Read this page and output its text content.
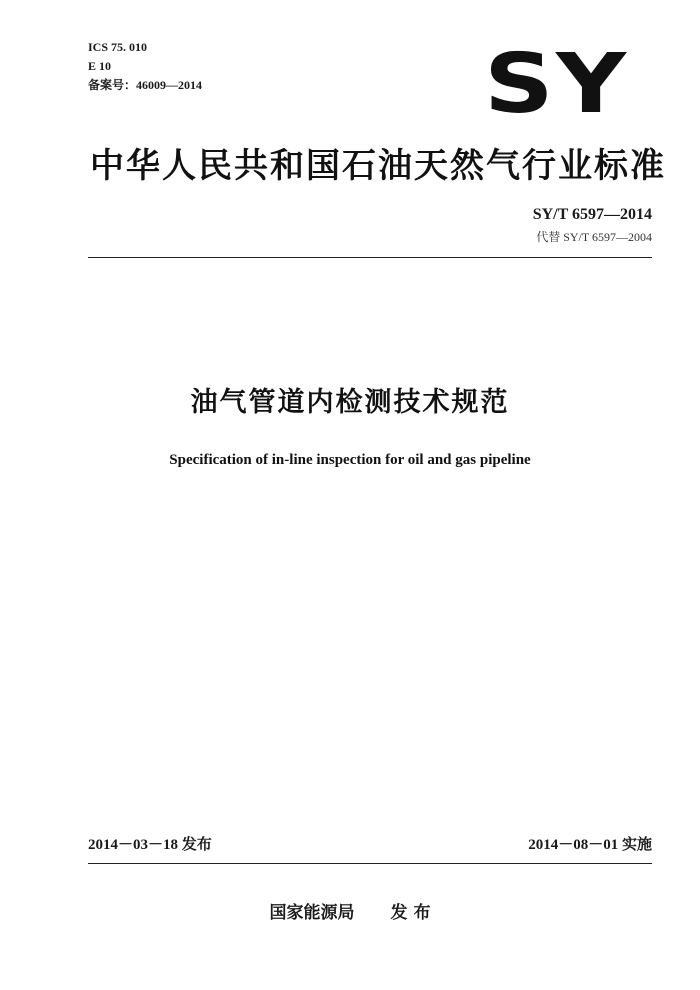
ICS 75. 010
E 10
备案号：46009—2014	SY
中华人民共和国石油天然气行业标准
SY/T 6597—2014
代替 SY/T 6597—2004
油气管道内检测技术规范
Specification of in-line inspection for oil and gas pipeline
2014－03－18 发布	2014－08－01 实施
国家能源局 发 布
